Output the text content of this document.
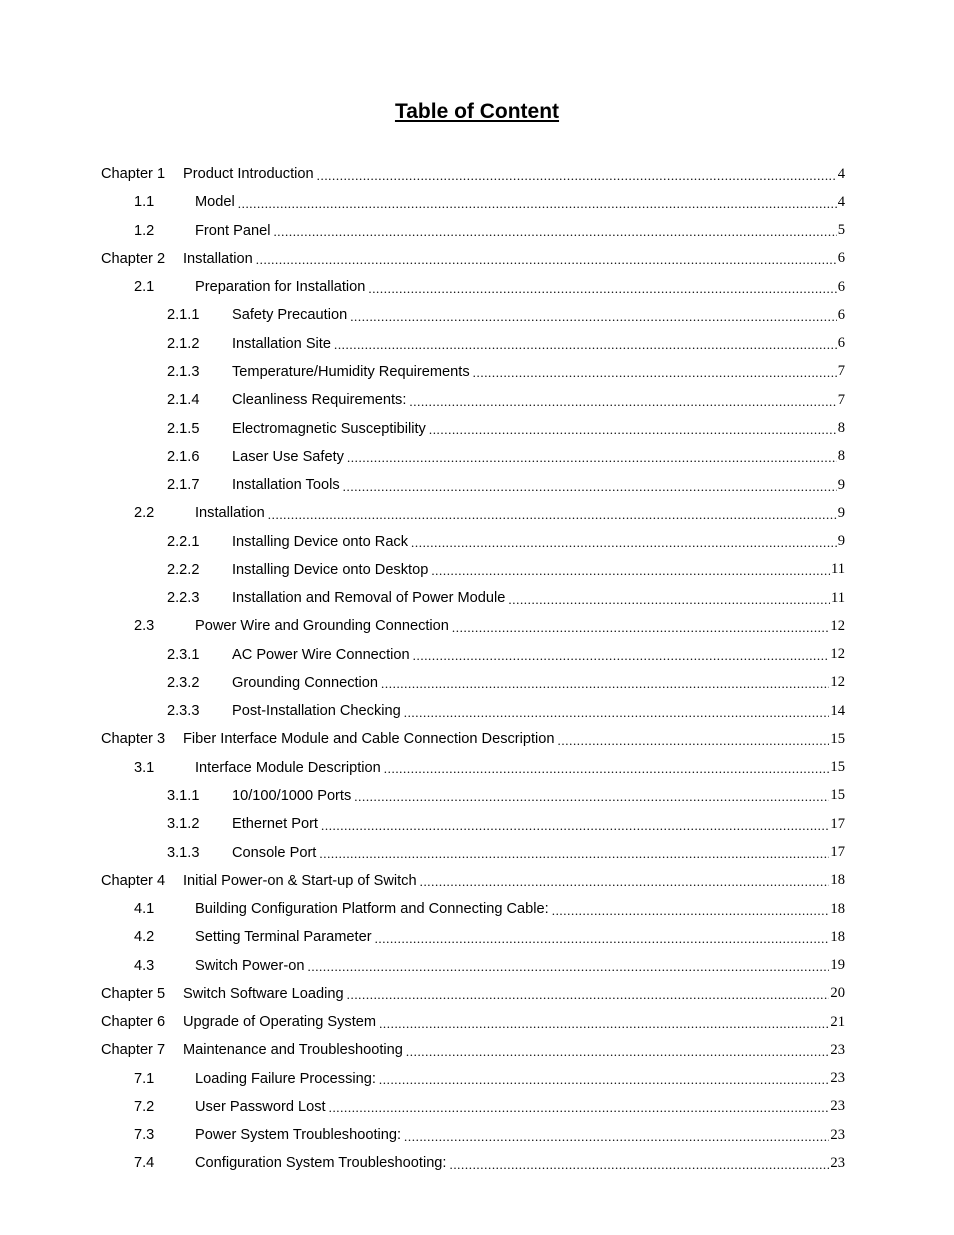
Table of Content
Chapter 1	Product Introduction .....	4
1.1	Model .....	4
1.2	Front Panel .....	5
Chapter 2	Installation .....	6
2.1	Preparation for Installation .....	6
2.1.1	Safety Precaution .....	6
2.1.2	Installation Site .....	6
2.1.3	Temperature/Humidity Requirements .....	7
2.1.4	Cleanliness Requirements: .....	7
2.1.5	Electromagnetic Susceptibility .....	8
2.1.6	Laser Use Safety .....	8
2.1.7	Installation Tools .....	9
2.2	Installation .....	9
2.2.1	Installing Device onto Rack .....	9
2.2.2	Installing Device onto Desktop .....	11
2.2.3	Installation and Removal of Power Module .....	11
2.3	Power Wire and Grounding Connection .....	12
2.3.1	AC Power Wire Connection .....	12
2.3.2	Grounding Connection .....	12
2.3.3	Post-Installation Checking .....	14
Chapter 3	Fiber Interface Module and Cable Connection Description .....	15
3.1	Interface Module Description .....	15
3.1.1	10/100/1000 Ports .....	15
3.1.2	Ethernet Port .....	17
3.1.3	Console Port .....	17
Chapter 4	Initial Power-on & Start-up of Switch .....	18
4.1	Building Configuration Platform and Connecting Cable: .....	18
4.2	Setting Terminal Parameter .....	18
4.3	Switch Power-on .....	19
Chapter 5	Switch Software Loading .....	20
Chapter 6	Upgrade of Operating System .....	21
Chapter 7	Maintenance and Troubleshooting .....	23
7.1	Loading Failure Processing: .....	23
7.2	User Password Lost .....	23
7.3	Power System Troubleshooting: .....	23
7.4	Configuration System Troubleshooting: .....	23
